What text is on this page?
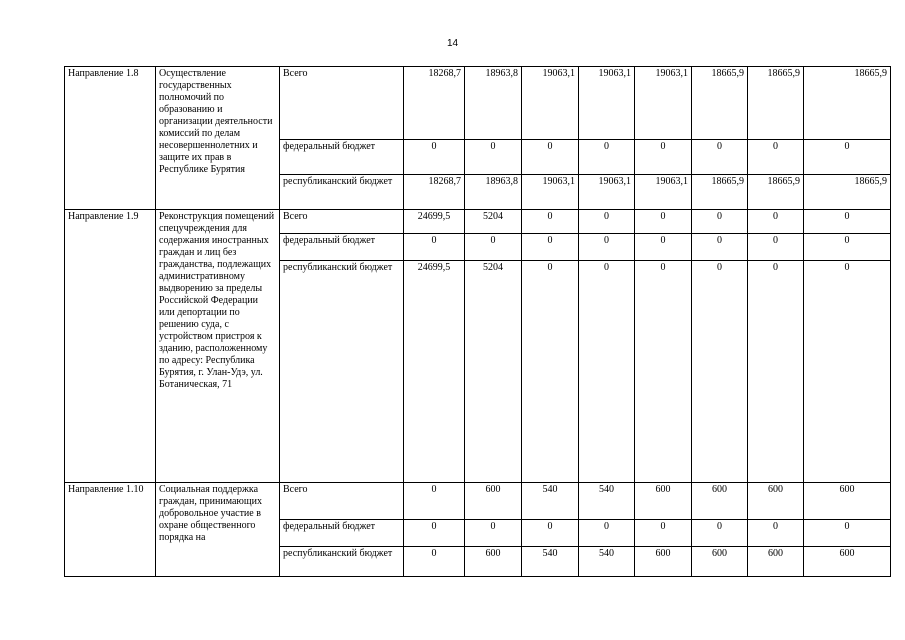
14
Направление 1.8	Осуществление государственных полномочий по образованию и организации деятельности комиссий по делам несовершеннолетних и защите их прав в Республике Бурятия	Всего	18268,7	18963,8	19063,1	19063,1	19063,1	18665,9	18665,9	18665,9
		федеральный бюджет	0	0	0	0	0	0	0	0
		республиканский бюджет	18268,7	18963,8	19063,1	19063,1	19063,1	18665,9	18665,9	18665,9
Направление 1.9	Реконструкция помещений спецучреждения для содержания иностранных граждан и лиц без гражданства, подлежащих административному выдворению за пределы Российской Федерации или депортации по решению суда, с устройством пристроя к зданию, расположенному по адресу: Республика Бурятия, г. Улан-Удэ, ул. Ботаническая, 71	Всего	24699,5	5204	0	0	0	0	0	0
		федеральный бюджет	0	0	0	0	0	0	0	0
		республиканский бюджет	24699,5	5204	0	0	0	0	0	0
Направление 1.10	Социальная поддержка граждан, принимающих добровольное участие в охране общественного порядка на	Всего	0	600	540	540	600	600	600	600
		федеральный бюджет	0	0	0	0	0	0	0	0
		республиканский бюджет	0	600	540	540	600	600	600	600
